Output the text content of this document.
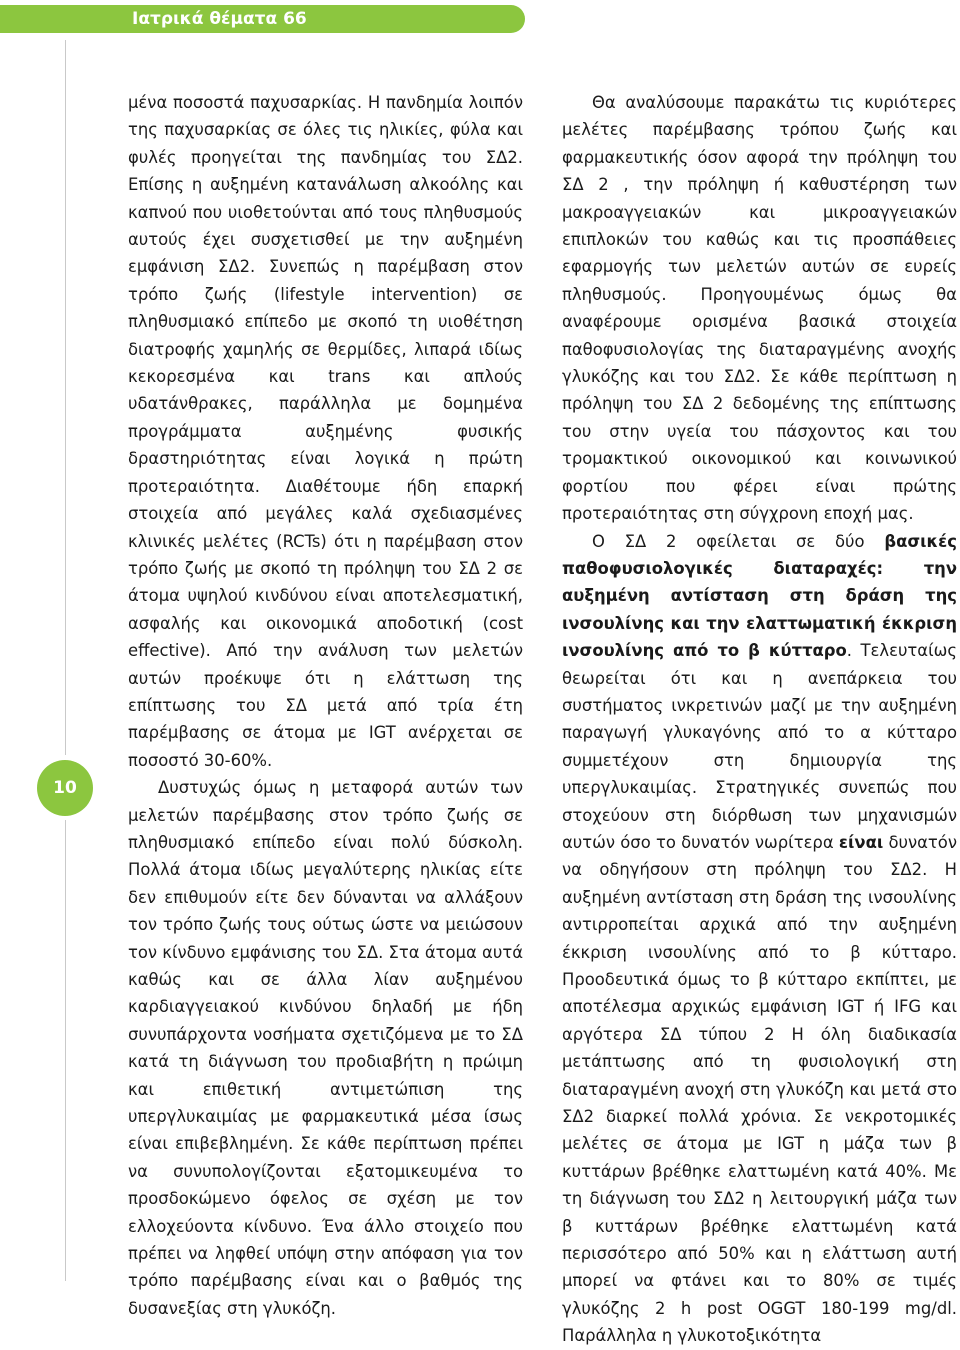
Ιατρικά θέματα 66
10

μένα ποσοστά παχυσαρκίας. Η πανδημία λοιπόν της παχυσαρκίας σε όλες τις ηλικίες, φύλα και φυλές προηγείται της πανδημίας του ΣΔ2. Επίσης η αυξημένη κατανάλωση αλκοόλης και καπνού που υιοθετούνται από τους πληθυσμούς αυτούς έχει συσχετισθεί με την αυξημένη εμφάνιση ΣΔ2. Συνεπώς η παρέμβαση στον τρόπο ζωής (lifestyle intervention) σε πληθυσμιακό επίπεδο με σκοπό τη υιοθέτηση διατροφής χαμηλής σε θερμίδες, λιπαρά ιδίως κεκορεσμένα και trans και απλούς υδατάνθρακες, παράλληλα με δομημένα προγράμματα αυξημένης φυσικής δραστηριότητας είναι λογικά η πρώτη προτεραιότητα. Διαθέτουμε ήδη επαρκή στοιχεία από μεγάλες καλά σχεδιασμένες κλινικές μελέτες (RCTs) ότι η παρέμβαση στον τρόπο ζωής με σκοπό τη πρόληψη του ΣΔ 2 σε άτομα υψηλού κινδύνου είναι αποτελεσματική, ασφαλής και οικονομικά αποδοτική (cost effective). Από την ανάλυση των μελετών αυτών προέκυψε ότι η ελάττωση της επίπτωσης του ΣΔ μετά από τρία έτη παρέμβασης σε άτομα με IGT ανέρχεται σε ποσοστό 30-60%.

Δυστυχώς όμως η μεταφορά αυτών των μελετών παρέμβασης στον τρόπο ζωής σε πληθυσμιακό επίπεδο είναι πολύ δύσκολη. Πολλά άτομα ιδίως μεγαλύτερης ηλικίας είτε δεν επιθυμούν είτε δεν δύνανται να αλλάξουν τον τρόπο ζωής τους ούτως ώστε να μειώσουν τον κίνδυνο εμφάνισης του ΣΔ. Στα άτομα αυτά καθώς και σε άλλα λίαν αυξημένου καρδιαγγειακού κινδύνου δηλαδή με ήδη συνυπάρχοντα νοσήματα σχετιζόμενα με το ΣΔ κατά τη διάγνωση του προδιαβήτη η πρώιμη και επιθετική αντιμετώπιση της υπεργλυκαιμίας με φαρμακευτικά μέσα ίσως είναι επιβεβλημένη. Σε κάθε περίπτωση πρέπει να συνυπολογίζονται εξατομικευμένα το προσδοκώμενο όφελος σε σχέση με τον ελλοχεύοντα κίνδυνο. Ένα άλλο στοιχείο που πρέπει να ληφθεί υπόψη στην απόφαση για τον τρόπο παρέμβασης είναι και ο βαθμός της δυσανεξίας στη γλυκόζη.

Θα αναλύσουμε παρακάτω τις κυριότερες μελέτες παρέμβασης τρόπου ζωής και φαρμακευτικής όσον αφορά την πρόληψη του ΣΔ 2 , την πρόληψη ή καθυστέρηση των μακροαγγειακών και μικροαγγειακών επιπλοκών του καθώς και τις προσπάθειες εφαρμογής των μελετών αυτών σε ευρείς πληθυσμούς. Προηγουμένως όμως θα αναφέρουμε ορισμένα βασικά στοιχεία παθοφυσιολογίας της διαταραγμένης ανοχής γλυκόζης και του ΣΔ2. Σε κάθε περίπτωση η πρόληψη του ΣΔ 2 δεδομένης της επίπτωσης του στην υγεία του πάσχοντος και του τρομακτικού οικονομικού και κοινωνικού φορτίου που φέρει είναι πρώτης προτεραιότητας στη σύγχρονη εποχή μας.

Ο ΣΔ 2 οφείλεται σε δύο βασικές παθοφυσιολογικές διαταραχές: την αυξημένη αντίσταση στη δράση της ινσουλίνης και την ελαττωματική έκκριση ινσουλίνης από το β κύτταρο. Τελευταίως θεωρείται ότι και η ανεπάρκεια του συστήματος ινκρετινών μαζί με την αυξημένη παραγωγή γλυκαγόνης από το α κύτταρο συμμετέχουν στη δημιουργία της υπεργλυκαιμίας. Στρατηγικές συνεπώς που στοχεύουν στη διόρθωση των μηχανισμών αυτών όσο το δυνατόν νωρίτερα είναι δυνατόν να οδηγήσουν στη πρόληψη του ΣΔ2. Η αυξημένη αντίσταση στη δράση της ινσουλίνης αντιρροπείται αρχικά από την αυξημένη έκκριση ινσουλίνης από το β κύτταρο. Προοδευτικά όμως το β κύτταρο εκπίπτει, με αποτέλεσμα αρχικώς εμφάνιση IGT ή IFG και αργότερα ΣΔ τύπου 2 Η όλη διαδικασία μετάπτωσης από τη φυσιολογική στη διαταραγμένη ανοχή στη γλυκόζη και μετά στο ΣΔ2 διαρκεί πολλά χρόνια. Σε νεκροτομικές μελέτες σε άτομα με IGT η μάζα των β κυττάρων βρέθηκε ελαττωμένη κατά 40%. Με τη διάγνωση του ΣΔ2 η λειτουργική μάζα των β κυττάρων βρέθηκε ελαττωμένη κατά περισσότερο από 50% και η ελάττωση αυτή μπορεί να φτάνει και το 80% σε τιμές γλυκόζης 2 h post OGGT 180-199 mg/dl. Παράλληλα η γλυκοτοξικότητα
